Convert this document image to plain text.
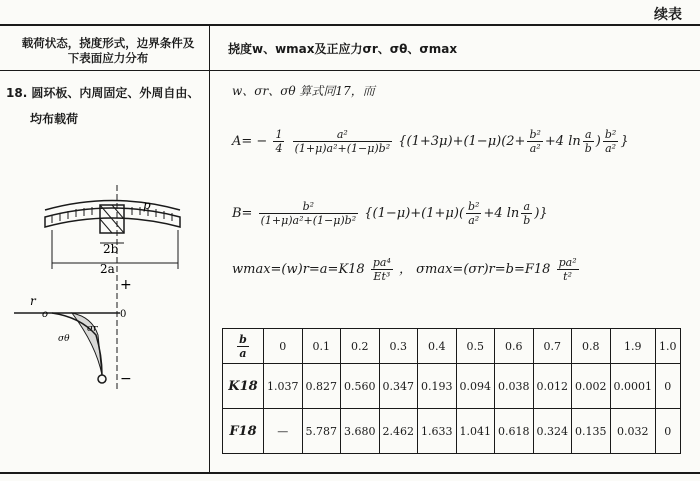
续表
载荷状态，挠度形式，边界条件及下表面应力分布
挠度w、wmax及正应力σr、σθ、σmax
18. 圆环板、内周固定、外周自由、
均布载荷
p
2b
2a
r
o	0
σr
σθ
+
−
w、σr、σθ 算式同17，而
$A= - \frac{1}{4}$
$\frac{\text{a²}}{\text{(1+μ)a²+(1−μ)b²}} \{(1+3\mu)+(1-\mu)(2+ \frac{\text{b²}}{\text{a²}} +4$ $\ln \frac{a}{b}$ ) $\frac{\text{b²}}{\text{a²}}$ }
$B= \frac{\text{b²}}{\text{(1+μ)a²+(1−μ)b²}} \{(1-\mu)+(1+\mu)( \frac{\text{b²}}{\text{a²}} +4$ $\ln \frac{a}{b}$ )}
$wmax=(w)r=a=K18 \frac{\text{pa⁴}}{\text{Et³}}$ ， $\sigma\max=(\sigma r)r=b=F18 \frac{\text{pa²}}{\text{t²}}$
$\frac{b}{a}$	0	0.1	0.2	0.3	0.4	0.5	0.6	0.7	0.8	1.9	1.0
K18	1.037	0.827	0.560	0.347	0.193	0.094	0.038	0.012	0.002	0.0001	0
F18	—	5.787	3.680	2.462	1.633	1.041	0.618	0.324	0.135	0.032	0
